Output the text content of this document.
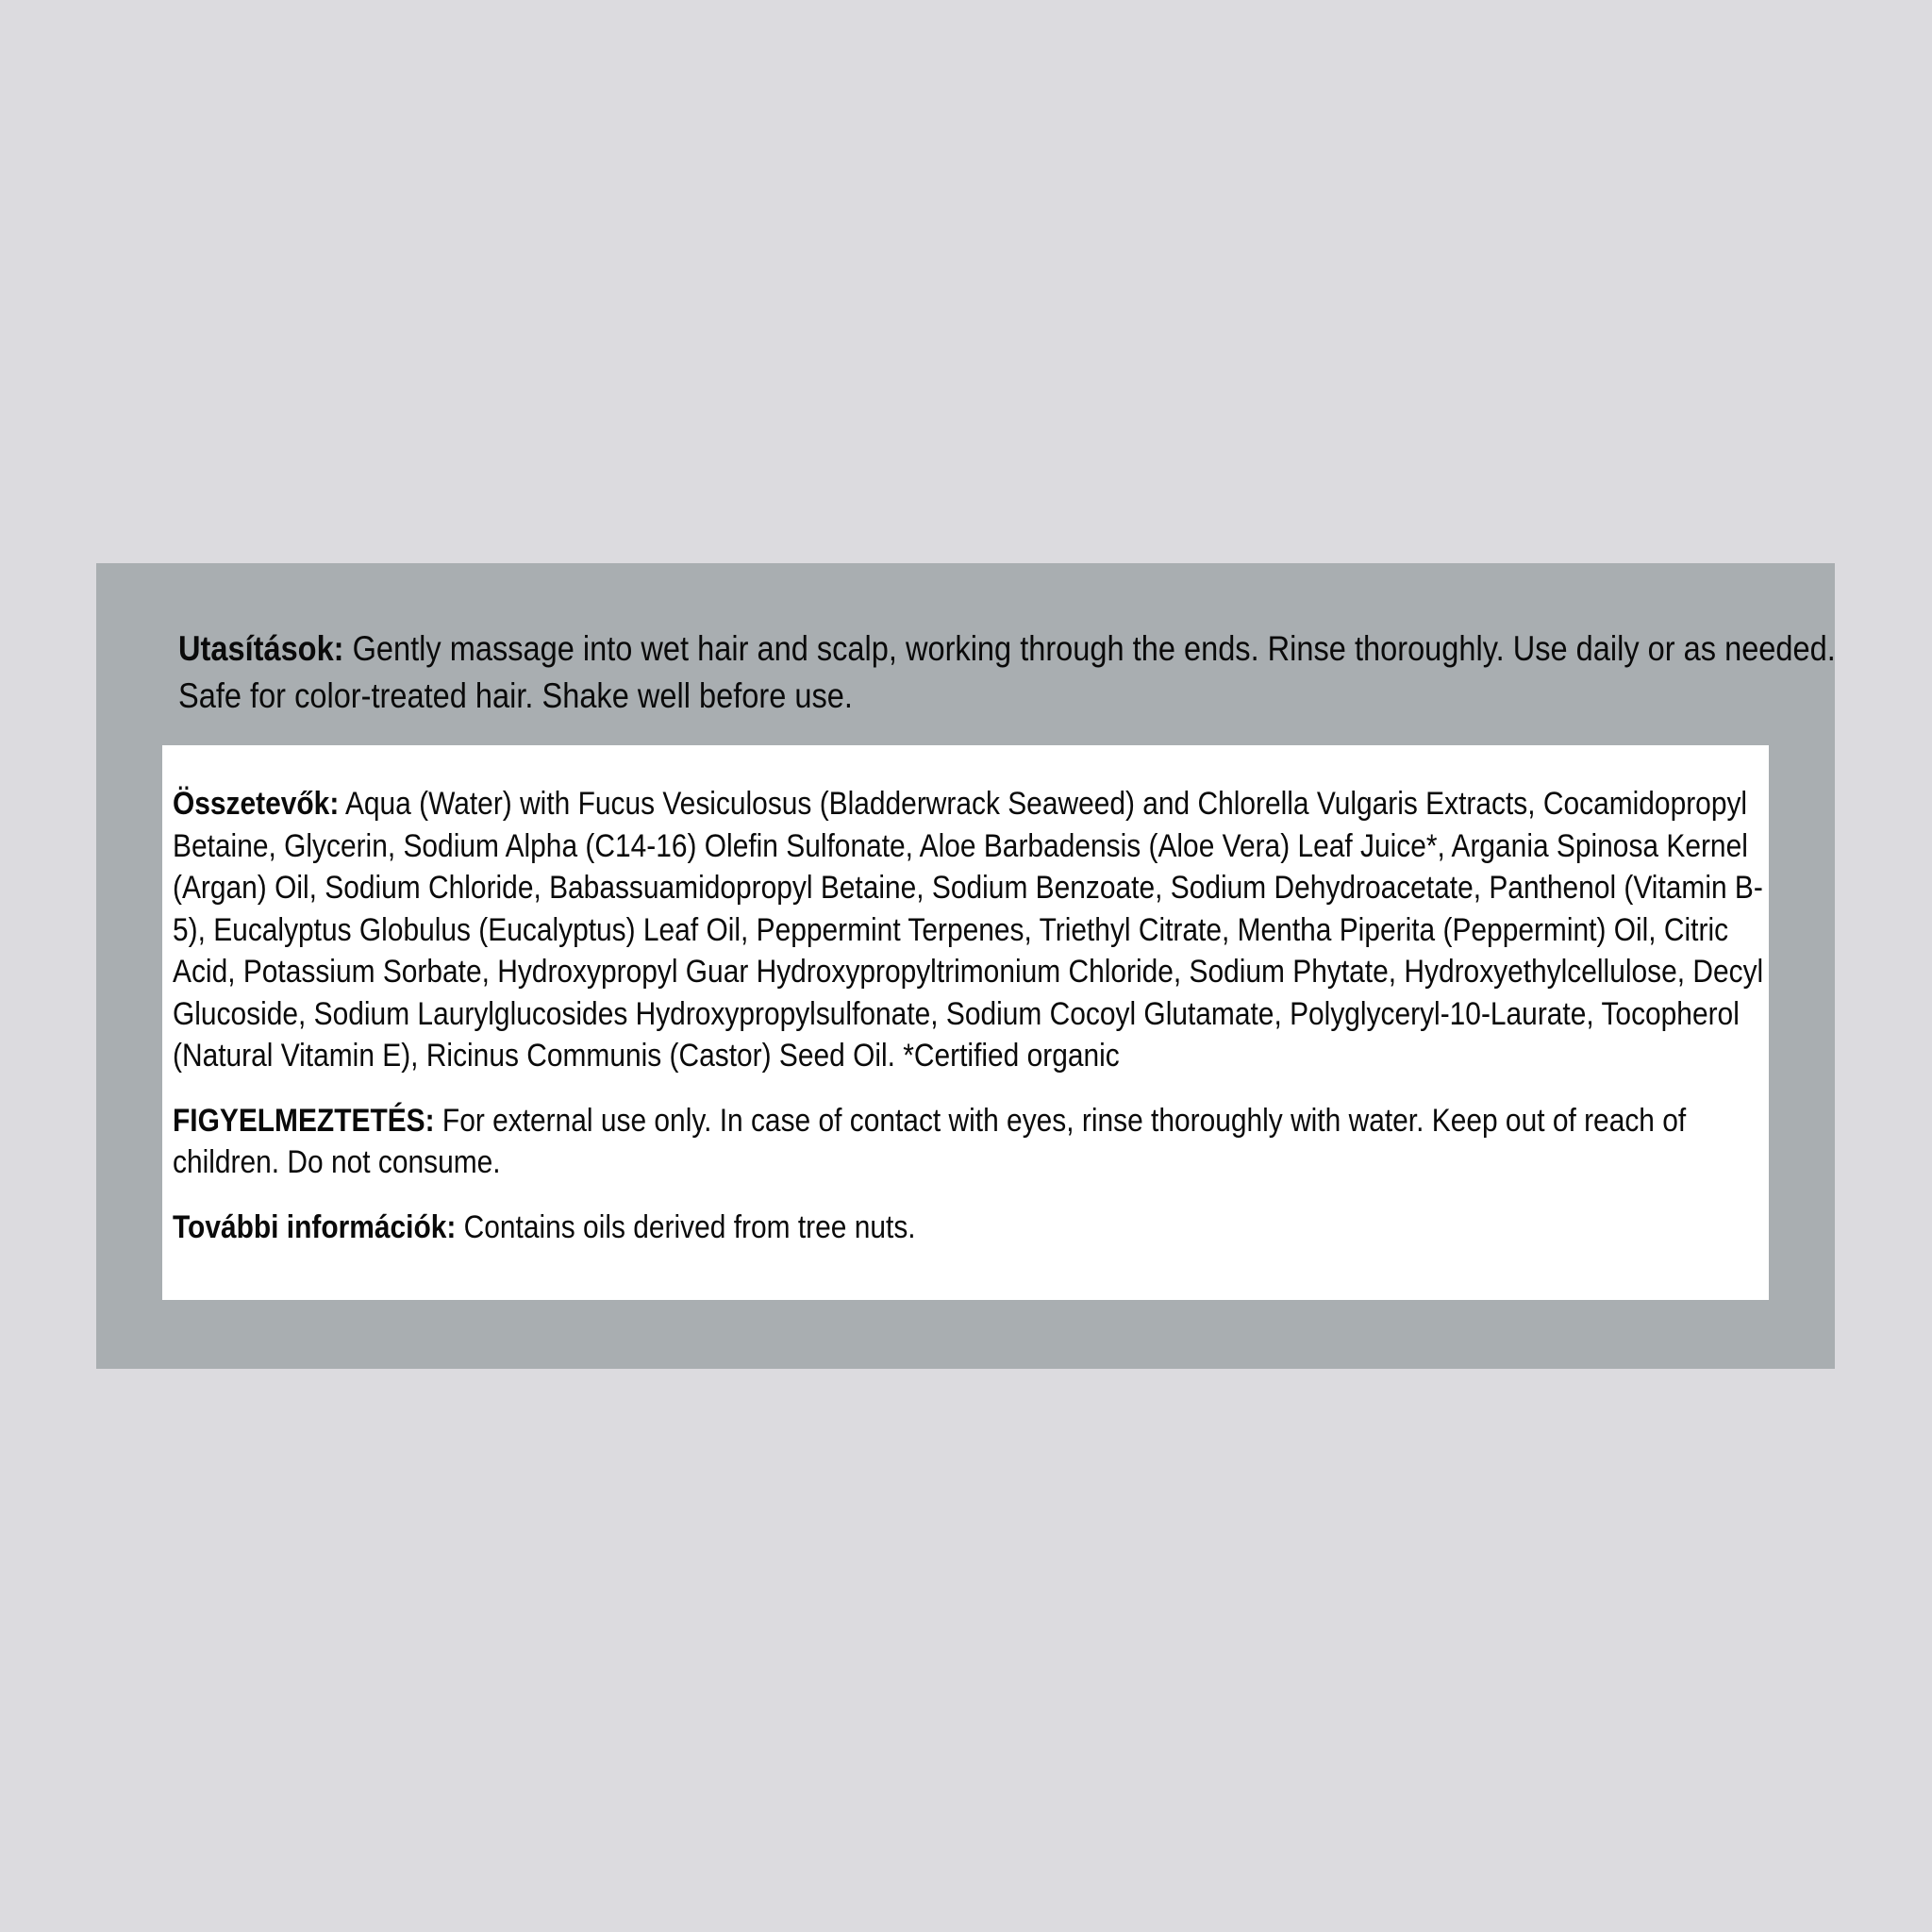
Utasítások: Gently massage into wet hair and scalp, working through the ends. Rinse thoroughly. Use daily or as needed. Safe for color-treated hair. Shake well before use.

Összetevők: Aqua (Water) with Fucus Vesiculosus (Bladderwrack Seaweed) and Chlorella Vulgaris Extracts, Cocamidopropyl Betaine, Glycerin, Sodium Alpha (C14-16) Olefin Sulfonate, Aloe Barbadensis (Aloe Vera) Leaf Juice*, Argania Spinosa Kernel (Argan) Oil, Sodium Chloride, Babassuamidopropyl Betaine, Sodium Benzoate, Sodium Dehydroacetate, Panthenol (Vitamin B-5), Eucalyptus Globulus (Eucalyptus) Leaf Oil, Peppermint Terpenes, Triethyl Citrate, Mentha Piperita (Peppermint) Oil, Citric Acid, Potassium Sorbate, Hydroxypropyl Guar Hydroxypropyltrimonium Chloride, Sodium Phytate, Hydroxyethylcellulose, Decyl Glucoside, Sodium Laurylglucosides Hydroxypropylsulfonate, Sodium Cocoyl Glutamate, Polyglyceryl-10-Laurate, Tocopherol (Natural Vitamin E), Ricinus Communis (Castor) Seed Oil. *Certified organic

FIGYELMEZTETÉS: For external use only. In case of contact with eyes, rinse thoroughly with water. Keep out of reach of children. Do not consume.

További információk: Contains oils derived from tree nuts.
